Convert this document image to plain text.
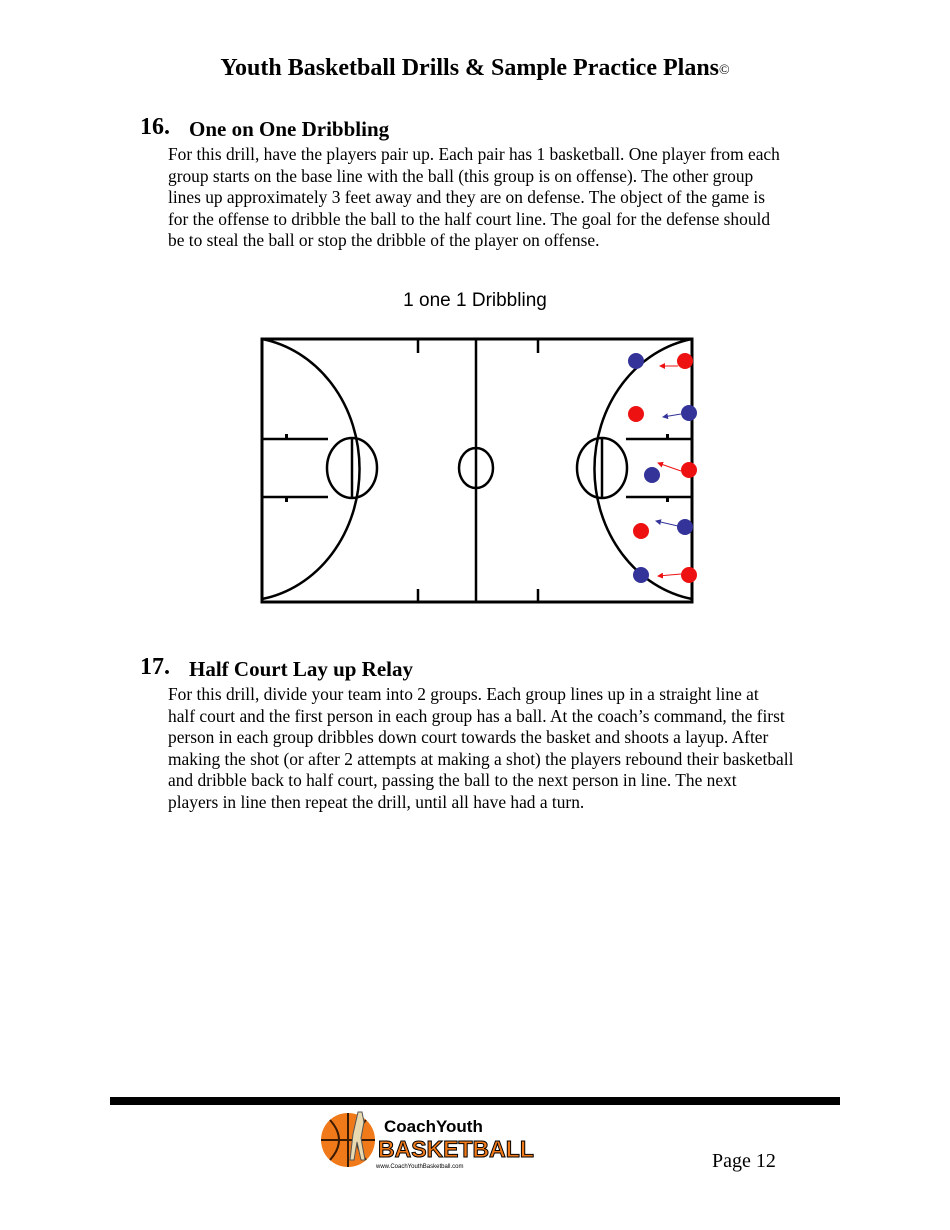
Youth Basketball Drills & Sample Practice Plans©
16. One on One Dribbling
For this drill, have the players pair up. Each pair has 1 basketball. One player from each
group starts on the base line with the ball (this group is on offense). The other group
lines up approximately 3 feet away and they are on defense. The object of the game is
for the offense to dribble the ball to the half court line. The goal for the defense should
be to steal the ball or stop the dribble of the player on offense.
1 one 1 Dribbling
17. Half Court Lay up Relay
For this drill, divide your team into 2 groups. Each group lines up in a straight line at
half court and the first person in each group has a ball. At the coach’s command, the first
person in each group dribbles down court towards the basket and shoots a layup. After
making the shot (or after 2 attempts at making a shot) the players rebound their basketball
and dribble back to half court, passing the ball to the next person in line. The next
players in line then repeat the drill, until all have had a turn.
CoachYouth
BASKETBALL
www.CoachYouthBasketball.com	Page 12
